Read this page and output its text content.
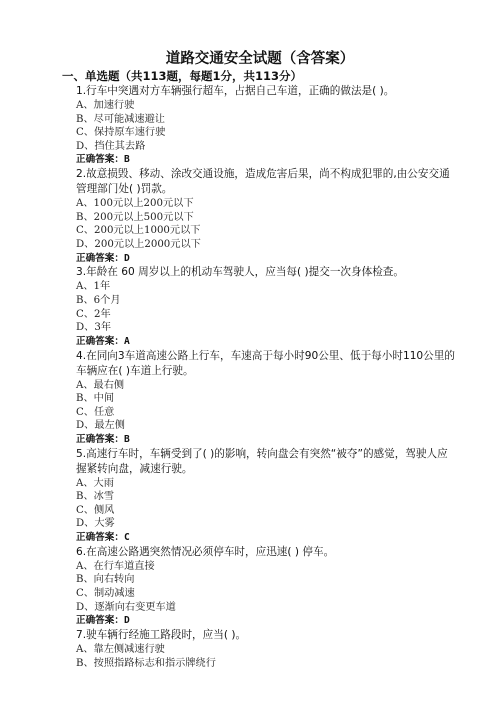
道路交通安全试题（含答案）
一、单选题（共113题，每题1分，共113分）
1.行车中突遇对方车辆强行超车，占据自己车道，正确的做法是( )。
A、加速行驶
B、尽可能减速避让
C、保持原车速行驶
D、挡住其去路
正确答案：B
2.故意损毁、移动、涂改交通设施，造成危害后果，尚不构成犯罪的,由公安交通管理部门处( )罚款。
A、100元以上200元以下
B、200元以上500元以下
C、200元以上1000元以下
D、200元以上2000元以下
正确答案：D
3.年龄在 60 周岁以上的机动车驾驶人，应当每( )提交一次身体检查。
A、1年
B、6个月
C、2年
D、3年
正确答案：A
4.在同向3车道高速公路上行车，车速高于每小时90公里、低于每小时110公里的车辆应在( )车道上行驶。
A、最右侧
B、中间
C、任意
D、最左侧
正确答案：B
5.高速行车时，车辆受到了( )的影响，转向盘会有突然“被夺”的感觉，驾驶人应握紧转向盘，减速行驶。
A、大雨
B、冰雪
C、侧风
D、大雾
正确答案：C
6.在高速公路遇突然情况必须停车时，应迅速( ) 停车。
A、在行车道直接
B、向右转向
C、制动减速
D、逐渐向右变更车道
正确答案：D
7.驶车辆行经施工路段时，应当( )。
A、靠左侧减速行驶
B、按照指路标志和指示牌绕行
